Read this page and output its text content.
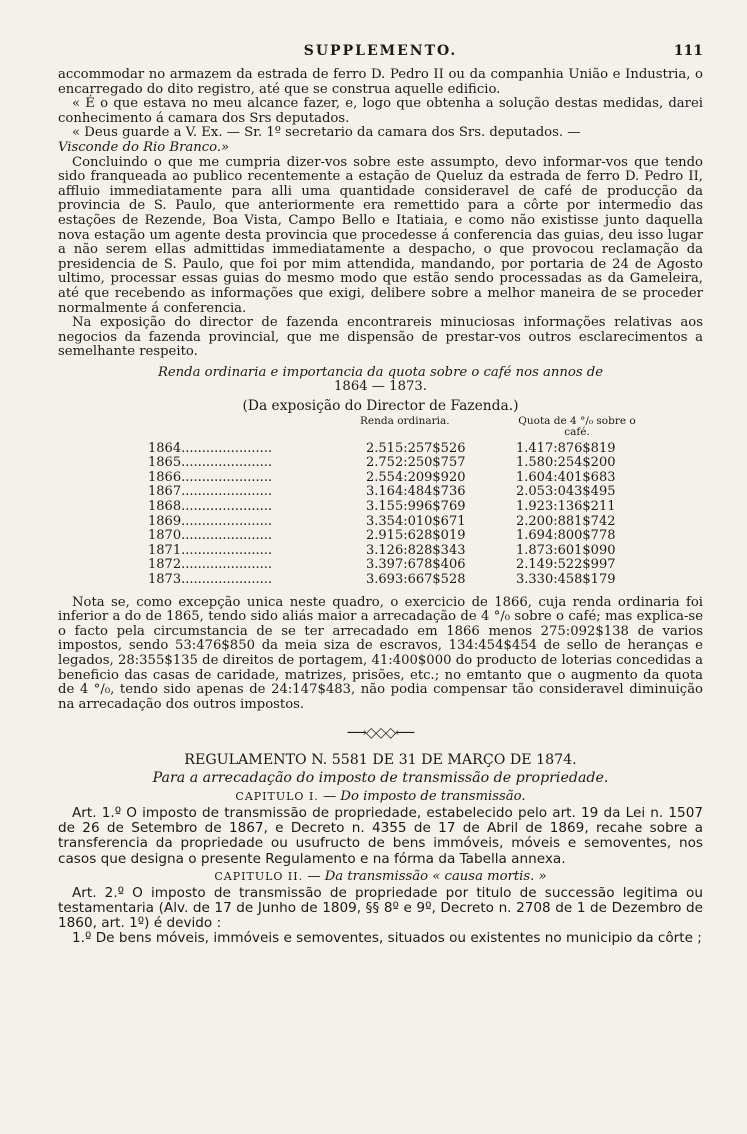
SUPPLEMENTO.	111

accommodar no armazem da estrada de ferro D. Pedro II ou da companhia União e Industria, o encarregado do dito registro, até que se construa aquelle edificio.

« É o que estava no meu alcance fazer, e, logo que obtenha a solução destas medidas, darei conhecimento á camara dos Srs deputados.

« Deus guarde a V. Ex. — Sr. 1º secretario da camara dos Srs. deputados. —

Visconde do Rio Branco.»

Concluindo o que me cumpria dizer-vos sobre este assumpto, devo informar-vos que tendo sido franqueada ao publico recentemente a estação de Queluz da estrada de ferro D. Pedro II, affluio immediatamente para alli uma quantidade consideravel de café de producção da provincia de S. Paulo, que anteriormente era remettido para a côrte por intermedio das estações de Rezende, Boa Vista, Campo Bello e Itatiaia, e como não existisse junto daquella nova estação um agente desta provincia que procedesse á conferencia das guias, deu isso lugar a não serem ellas admittidas immediatamente a despacho, o que provocou reclamação da presidencia de S. Paulo, que foi por mim attendida, mandando, por portaria de 24 de Agosto ultimo, processar essas guias do mesmo modo que estão sendo processadas as da Gameleira, até que recebendo as informações que exigi, delibere sobre a melhor maneira de se proceder normalmente á conferencia.

Na exposição do director de fazenda encontrareis minuciosas informações relativas aos negocios da fazenda provincial, que me dispensão de prestar-vos outros esclarecimentos a semelhante respeito.

Renda ordinaria e importancia da quota sobre o café nos annos de

1864 — 1873.

(Da exposição do Director de Fazenda.)

Renda ordinaria.	Quota de 4 °/₀ sobre o café.
1864......................	2.515:257$526	1.417:876$819
1865......................	2.752:250$757	1.580:254$200
1866......................	2.554:209$920	1.604:401$683
1867......................	3.164:484$736	2.053:043$495
1868......................	3.155:996$769	1.923:136$211
1869......................	3.354:010$671	2.200:881$742
1870......................	2.915:628$019	1.694:800$778
1871......................	3.126:828$343	1.873:601$090
1872......................	3.397:678$406	2.149:522$997
1873......................	3.693:667$528	3.330:458$179

Nota se, como excepção unica neste quadro, o exercicio de 1866, cuja renda ordinaria foi inferior a do de 1865, tendo sido aliás maior a arrecadação de 4 °/₀ sobre o café; mas explica-se o facto pela circumstancia de se ter arrecadado em 1866 menos 275:092$138 de varios impostos, sendo 53:476$850 da meia siza de escravos, 134:454$454 de sello de heranças e legados, 28:355$135 de direitos de portagem, 41:400$000 do producto de loterias concedidas a beneficio das casas de caridade, matrizes, prisões, etc.; no emtanto que o augmento da quota de 4 °/₀, tendo sido apenas de 24:147$483, não podia compensar tão consideravel diminuição na arrecadação dos outros impostos.

⟶◇◇◇⟵
REGULAMENTO N. 5581 DE 31 DE MARÇO DE 1874.
Para a arrecadação do imposto de transmissão de propriedade.
CAPITULO I. — Do imposto de transmissão.

Art. 1.º O imposto de transmissão de propriedade, estabelecido pelo art. 19 da Lei n. 1507 de 26 de Setembro de 1867, e Decreto n. 4355 de 17 de Abril de 1869, recahe sobre a transferencia da propriedade ou usufructo de bens immóveis, móveis e semoventes, nos casos que designa o presente Regulamento e na fórma da Tabella annexa.

CAPITULO II. — Da transmissão « causa mortis. »

Art. 2.º O imposto de transmissão de propriedade por titulo de successão legitima ou testamentaria (Alv. de 17 de Junho de 1809, §§ 8º e 9º, Decreto n. 2708 de 1 de Dezembro de 1860, art. 1º) é devido :

1.º De bens móveis, immóveis e semoventes, situados ou existentes no municipio da côrte ;
